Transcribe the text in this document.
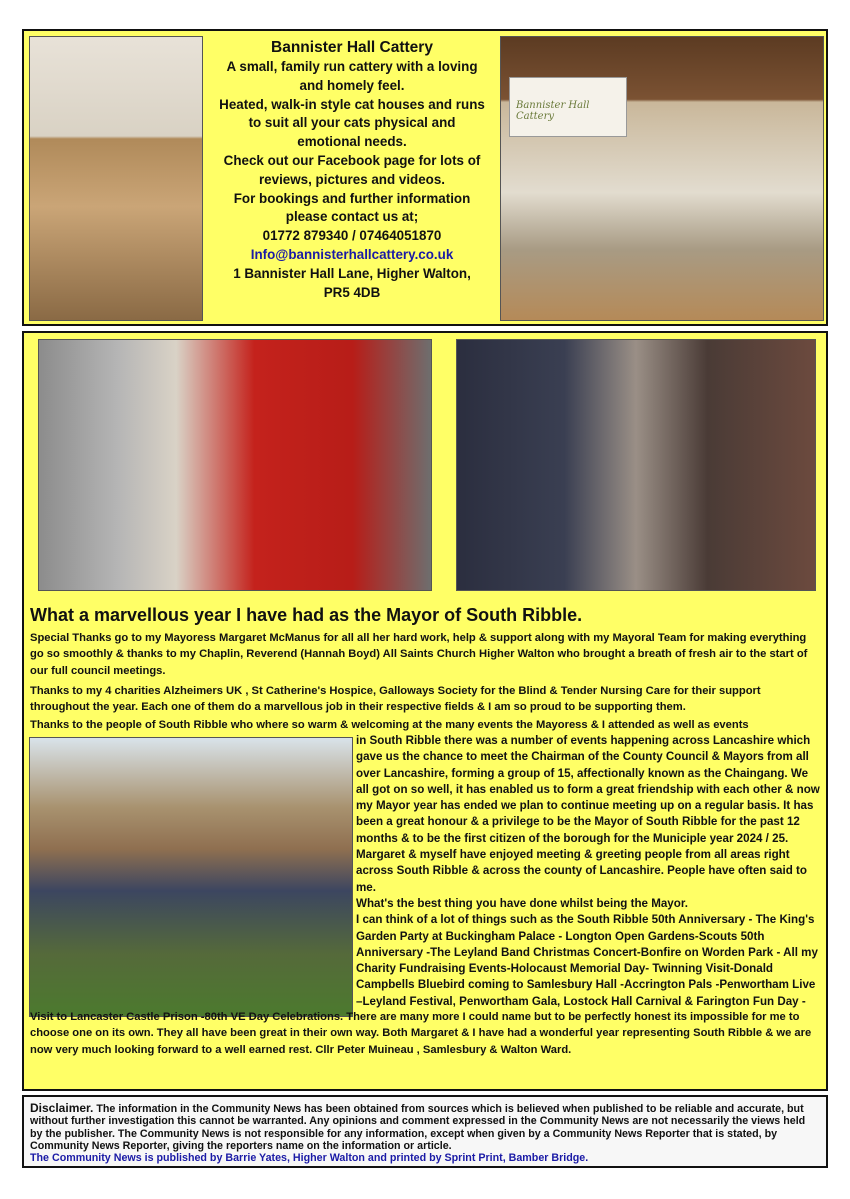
Bannister Hall Cattery
A small, family run cattery with a loving
and homely feel.
Heated, walk-in style cat houses and runs
to suit all your cats physical and
emotional needs.
Check out our Facebook page for lots of
reviews, pictures and videos.
For bookings and further information
please contact us at;
01772 879340 / 07464051870
Info@bannisterhallcattery.co.uk
1 Bannister Hall Lane, Higher Walton,
PR5 4DB
Bannister Hall Cattery
What a marvellous year I have had as the Mayor of South Ribble.
Special Thanks go to my Mayoress Margaret McManus for all all her hard work, help & support along with my Mayoral Team for making everything go so smoothly & thanks to my Chaplin, Reverend (Hannah Boyd) All Saints Church Higher Walton who brought a breath of fresh air to the start of our full council meetings.
Thanks to my 4 charities Alzheimers UK , St Catherine's Hospice, Galloways Society for the Blind & Tender Nursing Care for their support throughout the year. Each one of them do a marvellous job in their respective fields & I am so proud to be supporting them.
Thanks to the people of South Ribble who where so warm & welcoming at the many events the Mayoress & I attended as well as events
in South Ribble there was a number of events happening across Lancashire which gave us the chance to meet the Chairman of the County Council & Mayors from all over Lancashire, forming a group of 15, affectionally known as the Chaingang. We all got on so well, it has enabled us to form a great friendship with each other & now my Mayor year has ended we plan to continue meeting up on a regular basis. It has been a great honour & a privilege to be the Mayor of South Ribble for the past 12 months & to be the first citizen of the borough for the Municiple year 2024 / 25. Margaret & myself have enjoyed meeting & greeting people from all areas right across South Ribble & across the county of Lancashire. People have often said to me.
What's the best thing you have done whilst being the Mayor.
I can think of a lot of things such as the South Ribble 50th Anniversary - The King's Garden Party at Buckingham Palace - Longton Open Gardens-Scouts 50th Anniversary -The Leyland Band Christmas Concert-Bonfire on Worden Park - All my Charity Fundraising Events-Holocaust Memorial Day- Twinning Visit-Donald Campbells Bluebird coming to Samlesbury Hall -Accrington Pals -Penwortham Live –Leyland Festival, Penwortham Gala, Lostock Hall Carnival & Farington Fun Day -
Visit to Lancaster Castle Prison -80th VE Day Celebrations. There are many more I could name but to be perfectly honest its impossible for me to choose one on its own. They all have been great in their own way. Both Margaret & I have had a wonderful year representing South Ribble & we are now very much looking forward to a well earned rest. Cllr Peter Muineau , Samlesbury & Walton Ward.
Disclaimer. The information in the Community News has been obtained from sources which is believed when published to be reliable and accurate, but without further investigation this cannot be warranted. Any opinions and comment expressed in the Community News are not necessarily the views held by the publisher. The Community News is not responsible for any information, except when given by a Community News Reporter that is stated, by Community News Reporter, giving the reporters name on the information or article.
The Community News is published by Barrie Yates, Higher Walton and printed by Sprint Print, Bamber Bridge.
